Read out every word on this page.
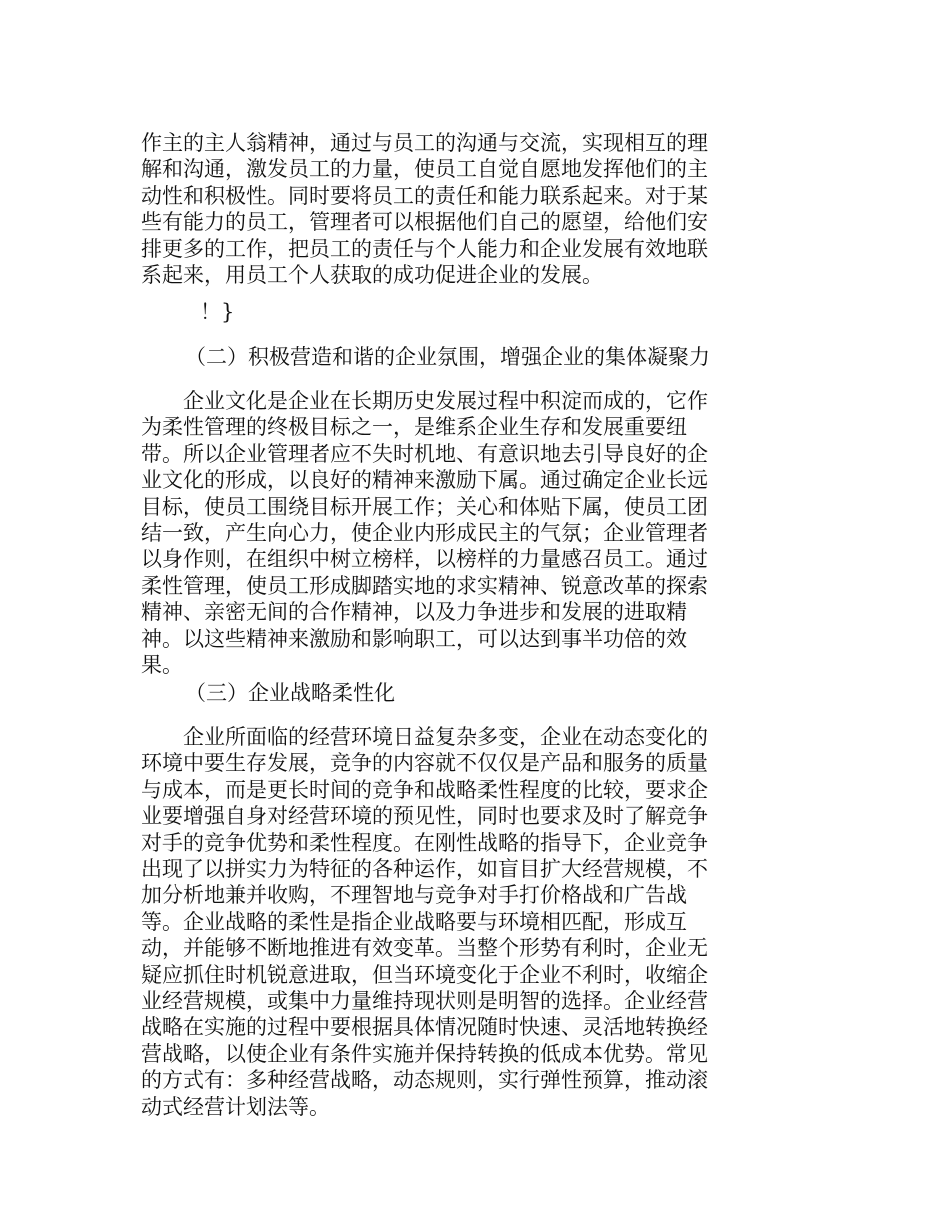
作主的主人翁精神，通过与员工的沟通与交流，实现相互的理
解和沟通，激发员工的力量，使员工自觉自愿地发挥他们的主
动性和积极性。同时要将员工的责任和能力联系起来。对于某
些有能力的员工，管理者可以根据他们自己的愿望，给他们安
排更多的工作，把员工的责任与个人能力和企业发展有效地联
系起来，用员工个人获取的成功促进企业的发展。

！}

（二）积极营造和谐的企业氛围，增强企业的集体凝聚力

企业文化是企业在长期历史发展过程中积淀而成的，它作
为柔性管理的终极目标之一，是维系企业生存和发展重要纽
带。所以企业管理者应不失时机地、有意识地去引导良好的企
业文化的形成，以良好的精神来激励下属。通过确定企业长远
目标，使员工围绕目标开展工作；关心和体贴下属，使员工团
结一致，产生向心力，使企业内形成民主的气氛；企业管理者
以身作则，在组织中树立榜样，以榜样的力量感召员工。通过
柔性管理，使员工形成脚踏实地的求实精神、锐意改革的探索
精神、亲密无间的合作精神，以及力争进步和发展的进取精
神。以这些精神来激励和影响职工，可以达到事半功倍的效
果。

（三）企业战略柔性化

企业所面临的经营环境日益复杂多变，企业在动态变化的
环境中要生存发展，竞争的内容就不仅仅是产品和服务的质量
与成本，而是更长时间的竞争和战略柔性程度的比较，要求企
业要增强自身对经营环境的预见性，同时也要求及时了解竞争
对手的竞争优势和柔性程度。在刚性战略的指导下，企业竞争
出现了以拼实力为特征的各种运作，如盲目扩大经营规模，不
加分析地兼并收购，不理智地与竞争对手打价格战和广告战
等。企业战略的柔性是指企业战略要与环境相匹配，形成互
动，并能够不断地推进有效变革。当整个形势有利时，企业无
疑应抓住时机锐意进取，但当环境变化于企业不利时，收缩企
业经营规模，或集中力量维持现状则是明智的选择。企业经营
战略在实施的过程中要根据具体情况随时快速、灵活地转换经
营战略，以使企业有条件实施并保持转换的低成本优势。常见
的方式有：多种经营战略，动态规则，实行弹性预算，推动滚
动式经营计划法等。
